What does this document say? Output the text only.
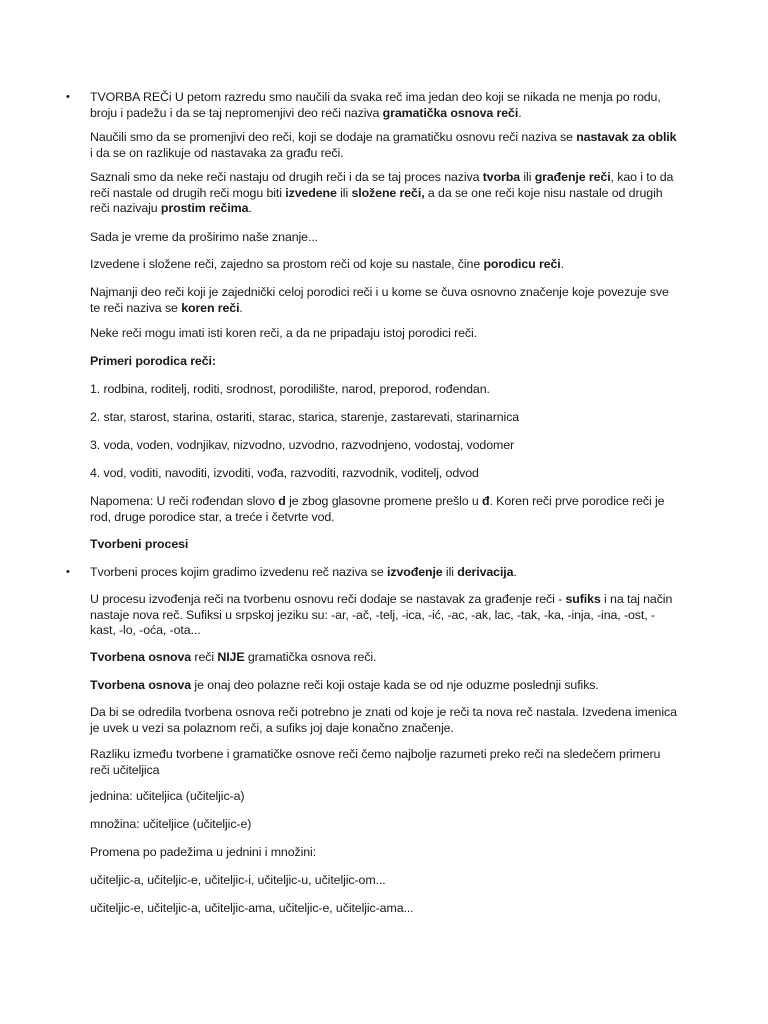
• TVORBA REČi U petom razredu smo naučili da svaka reč ima jedan deo koji se nikada ne menja po rodu, broju i padežu i da se taj nepromenjivi deo reči naziva gramatička osnova reči.
Naučili smo da se promenjivi deo reči, koji se dodaje na gramatičku osnovu reči naziva se nastavak za oblik i da se on razlikuje od nastavaka za građu reči.
Saznali smo da neke reči nastaju od drugih reči i da se taj proces naziva tvorba ili građenje reči, kao i to da reči nastale od drugih reči mogu biti izvedene ili složene reči, a da se one reči koje nisu nastale od drugih reči nazivaju prostim rečima.
Sada je vreme da proširimo naše znanje...
Izvedene i složene reči, zajedno sa prostom reči od koje su nastale, čine porodicu reči.
Najmanji deo reči koji je zajednički celoj porodici reči i u kome se čuva osnovno značenje koje povezuje sve te reči naziva se koren reči.
Neke reči mogu imati isti koren reči, a da ne pripadaju istoj porodici reči.
Primeri porodica reči:
1. rodbina, roditelj, roditi, srodnost, porodilište, narod, preporod, rođendan.
2. star, starost, starina, ostariti, starac, starica, starenje, zastarevati, starinarnica
3. voda, voden, vodnjikav, nizvodno, uzvodno, razvodnjeno, vodostaj, vodomer
4. vod, voditi, navoditi, izvoditi, vođa, razvoditi, razvodnik, voditelj, odvod
Napomena: U reči rođendan slovo d je zbog glasovne promene prešlo u đ. Koren reči prve porodice reči je rod, druge porodice star, a treće i četvrte vod.
Tvorbeni procesi
• Tvorbeni proces kojim gradimo izvedenu reč naziva se izvođenje ili derivacija.
U procesu izvođenja reči na tvorbenu osnovu reči dodaje se nastavak za građenje reči - sufiks i na taj način nastaje nova reč. Sufiksi u srpskoj jeziku su: -ar, -ač, -telj, -ica, -ić, -ac, -ak, lac, -tak, -ka, -inja, -ina, -ost, -kast, -lo, -oća, -ota...
Tvorbena osnova reči NIJE gramatička osnova reči.
Tvorbena osnova je onaj deo polazne reči koji ostaje kada se od nje oduzme poslednji sufiks.
Da bi se odredila tvorbena osnova reči potrebno je znati od koje je reči ta nova reč nastala. Izvedena imenica je uvek u vezi sa polaznom reči, a sufiks joj daje konačno značenje.
Razliku između tvorbene i gramatičke osnove reči čemo najbolje razumeti preko reči na sledečem primeru reči učiteljica
jednina: učiteljica (učiteljic-a)
množina: učiteljice (učiteljic-e)
Promena po padežima u jednini i množini:
učiteljic-a, učiteljic-e, učiteljic-i, učiteljic-u, učiteljic-om...
učiteljic-e, učiteljic-a, učiteljic-ama, učiteljic-e, učiteljic-ama...
